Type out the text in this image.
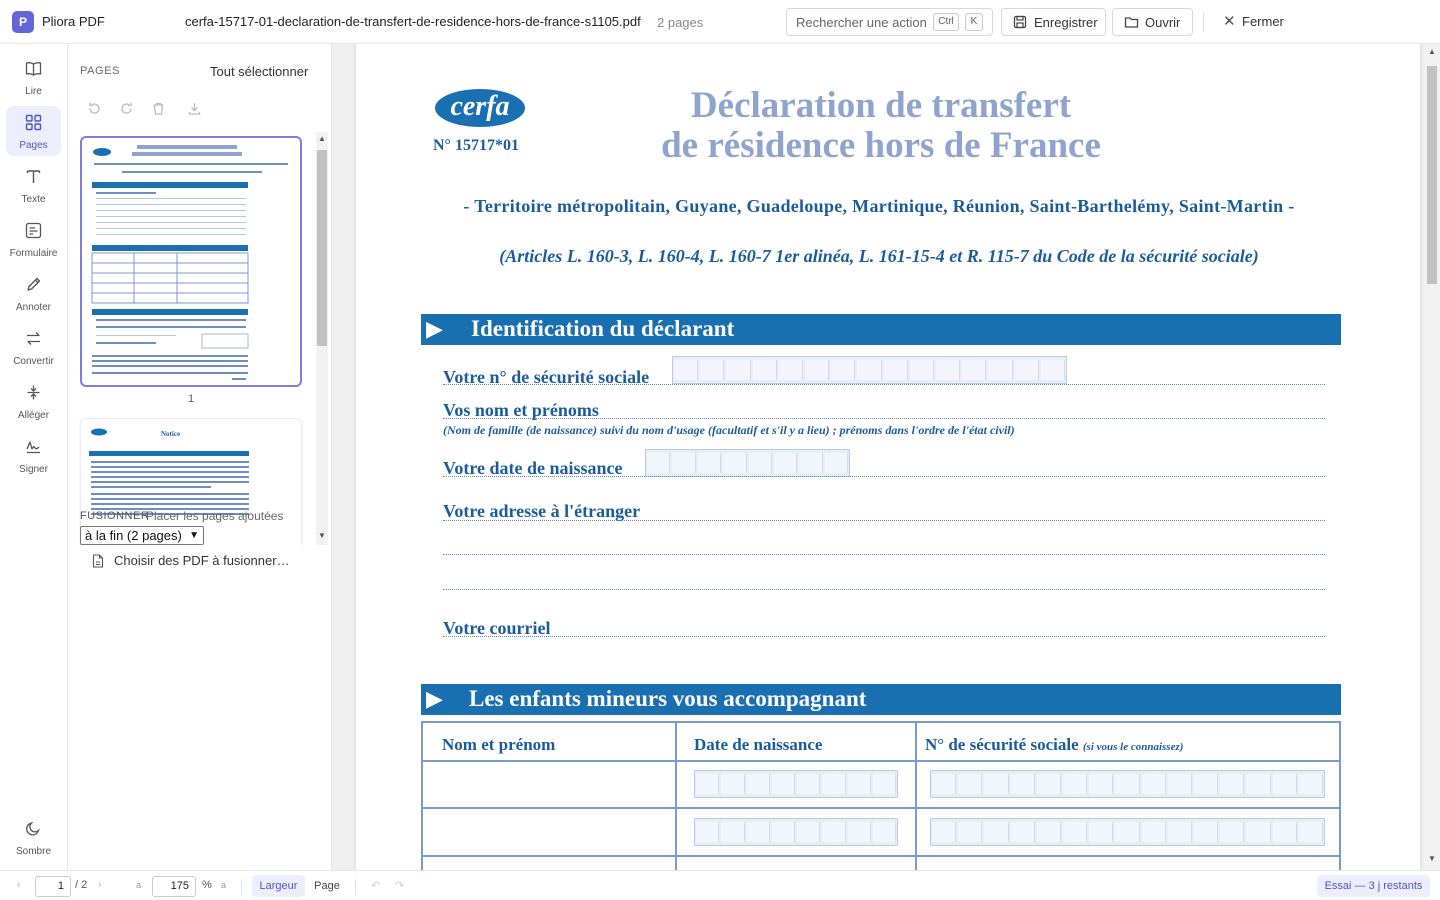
P	Pliora PDF	cerfa-15717-01-declaration-de-transfert-de-residence-hors-de-france-s1105.pdf 2 pages	Rechercher une action	Ctrl	K	Enregistrer	Ouvrir	✕ Fermer
Lire
Pages
Texte
Formulaire
Annoter
Convertir
Alléger
Signer
Sombre
PAGES	Tout sélectionner
1
Notice
▲
▼
FUSIONNER
Placer les pages ajoutées
à la fin (2 pages) ▼
Choisir des PDF à fusionner…
cerfa
N° 15717*01
Déclaration de transfert
de résidence hors de France
- Territoire métropolitain, Guyane, Guadeloupe, Martinique, Réunion, Saint-Barthelémy, Saint-Martin -
(Articles L. 160-3, L. 160-4, L. 160-7 1er alinéa, L. 161-15-4 et R. 115-7 du Code de la sécurité sociale)
▶ Identification du déclarant
Votre n° de sécurité sociale
Vos nom et prénoms
(Nom de famille (de naissance) suivi du nom d'usage (facultatif et s'il y a lieu) ; prénoms dans l'ordre de l'état civil)
Votre date de naissance
Votre adresse à l'étranger
Votre courriel
▶ Les enfants mineurs vous accompagnant
Nom et prénom	Date de naissance	N° de sécurité sociale (si vous le connaissez)
▲
▼
‹	1	/ 2 ›	a	175	% a	Largeur	Page	↶ ↷	Essai — 3 j restants
